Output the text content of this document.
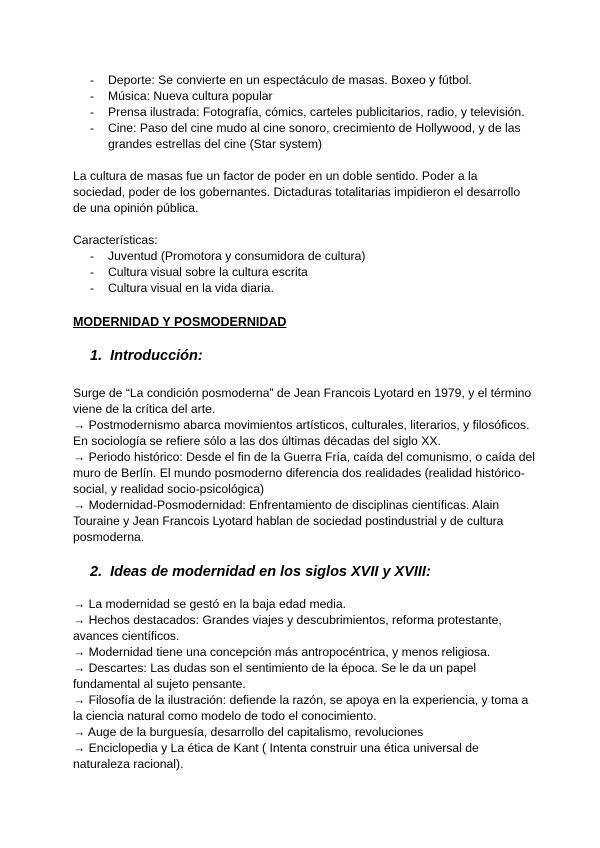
- Deporte: Se convierte en un espectáculo de masas. Boxeo y fútbol.
- Música: Nueva cultura popular
- Prensa ilustrada: Fotografía, cómics, carteles publicitarios, radio, y televisión.
- Cine: Paso del cine mudo al cine sonoro, crecimiento de Hollywood, y de las grandes estrellas del cine (Star system)

La cultura de masas fue un factor de poder en un doble sentido. Poder a la sociedad, poder de los gobernantes. Dictaduras totalitarias impidieron el desarrollo de una opinión pública.

Características:

- Juventud (Promotora y consumidora de cultura)
- Cultura visual sobre la cultura escrita
- Cultura visual en la vida diaria.
MODERNIDAD Y POSMODERNIDAD
1. Introducción:

Surge de “La condición posmoderna” de Jean Francois Lyotard en 1979, y el término viene de la crítica del arte.

→ Postmodernismo abarca movimientos artísticos, culturales, literarios, y filosóficos. En sociología se refiere sólo a las dos últimas décadas del siglo XX.

→ Periodo histórico: Desde el fin de la Guerra Fría, caída del comunismo, o caída del muro de Berlín. El mundo posmoderno diferencia dos realidades (realidad histórico-social, y realidad socio-psicológica)

→ Modernidad-Posmodernidad: Enfrentamiento de disciplinas científicas. Alain Touraine y Jean Francois Lyotard hablan de sociedad postindustrial y de cultura posmoderna.

2. Ideas de modernidad en los siglos XVII y XVIII:

→ La modernidad se gestó en la baja edad media.

→ Hechos destacados: Grandes viajes y descubrimientos, reforma protestante, avances científicos.

→ Modernidad tiene una concepción más antropocéntrica, y menos religiosa.

→ Descartes: Las dudas son el sentimiento de la época. Se le da un papel fundamental al sujeto pensante.

→ Filosofía de la ilustración: defiende la razón, se apoya en la experiencia, y toma a la ciencia natural como modelo de todo el conocimiento.

→ Auge de la burguesía, desarrollo del capitalismo, revoluciones

→ Enciclopedia y La ética de Kant ( Intenta construir una ética universal de naturaleza racional).
